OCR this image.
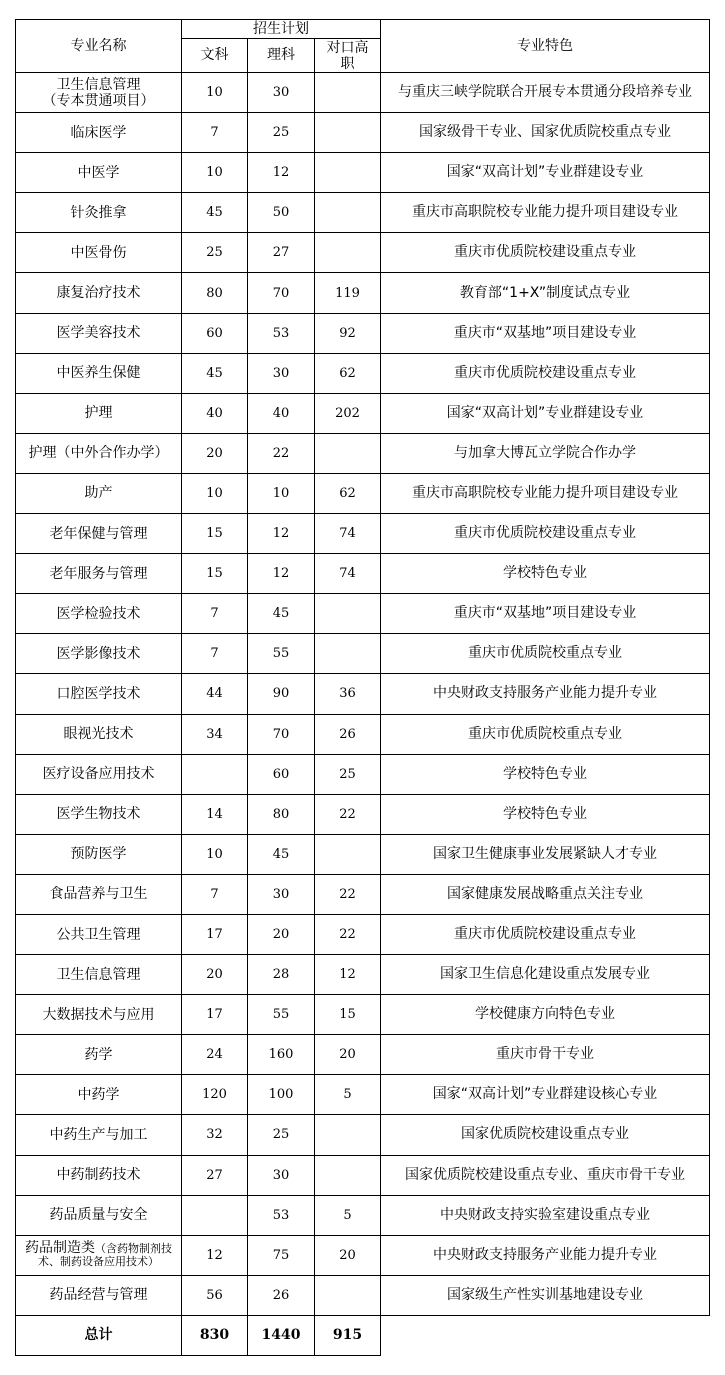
专业名称	招生计划			专业特色
	文科	理科	对口高职	

卫生信息管理
（专本贯通项目）	10	30		与重庆三峡学院联合开展专本贯通分段培养专业

临床医学	7	25		国家级骨干专业、国家优质院校重点专业

中医学	10	12		国家“双高计划”专业群建设专业

针灸推拿	45	50		重庆市高职院校专业能力提升项目建设专业

中医骨伤	25	27		重庆市优质院校建设重点专业

康复治疗技术	80	70	119	教育部“1+X”制度试点专业

医学美容技术	60	53	92	重庆市“双基地”项目建设专业

中医养生保健	45	30	62	重庆市优质院校建设重点专业

护理	40	40	202	国家“双高计划”专业群建设专业

护理（中外合作办学）	20	22		与加拿大博瓦立学院合作办学

助产	10	10	62	重庆市高职院校专业能力提升项目建设专业

老年保健与管理	15	12	74	重庆市优质院校建设重点专业

老年服务与管理	15	12	74	学校特色专业

医学检验技术	7	45		重庆市“双基地”项目建设专业

医学影像技术	7	55		重庆市优质院校重点专业

口腔医学技术	44	90	36	中央财政支持服务产业能力提升专业

眼视光技术	34	70	26	重庆市优质院校重点专业

医疗设备应用技术		60	25	学校特色专业

医学生物技术	14	80	22	学校特色专业

预防医学	10	45		国家卫生健康事业发展紧缺人才专业

食品营养与卫生	7	30	22	国家健康发展战略重点关注专业

公共卫生管理	17	20	22	重庆市优质院校建设重点专业

卫生信息管理	20	28	12	国家卫生信息化建设重点发展专业

大数据技术与应用	17	55	15	学校健康方向特色专业

药学	24	160	20	重庆市骨干专业

中药学	120	100	5	国家“双高计划”专业群建设核心专业

中药生产与加工	32	25		国家优质院校建设重点专业

中药制药技术	27	30		国家优质院校建设重点专业、重庆市骨干专业

药品质量与安全		53	5	中央财政支持实验室建设重点专业
药品制造类（含药物制剂技术、制药设备应用技术）	12	75	20	中央财政支持服务产业能力提升专业

药品经营与管理	56	26		国家级生产性实训基地建设专业
总计	830	1440	915	
